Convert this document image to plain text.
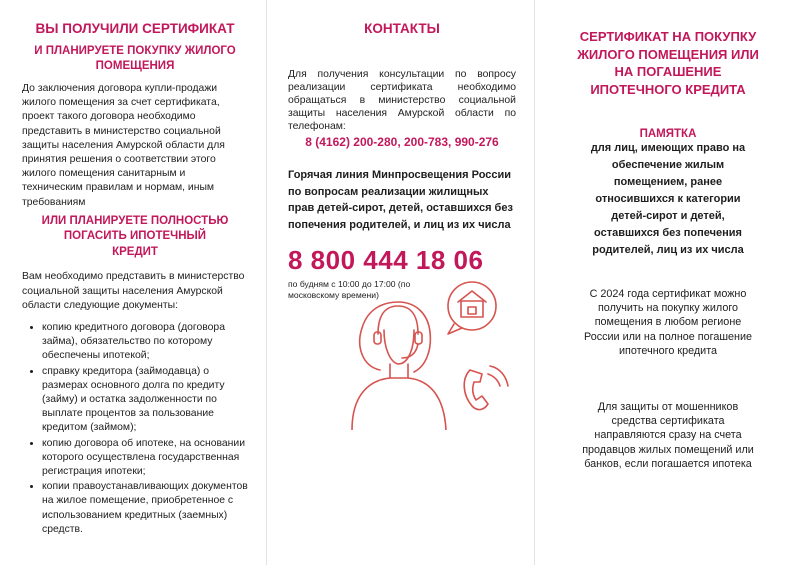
ВЫ ПОЛУЧИЛИ СЕРТИФИКАТ
И ПЛАНИРУЕТЕ ПОКУПКУ ЖИЛОГО ПОМЕЩЕНИЯ

До заключения договора купли-продажи жилого помещения за счет сертификата, проект такого договора необходимо представить в министерство социальной защиты населения Амурской области для принятия решения о соответствии этого жилого помещения санитарным и техническим правилам и нормам, иным требованиям

ИЛИ ПЛАНИРУЕТЕ ПОЛНОСТЬЮ ПОГАСИТЬ ИПОТЕЧНЫЙ КРЕДИТ

Вам необходимо представить в министерство социальной защиты населения Амурской области следующие документы:

• копию кредитного договора (договора займа), обязательство по которому обеспечены ипотекой;
• справку кредитора (займодавца) о размерах основного долга по кредиту (займу) и остатка задолженности по выплате процентов за пользование кредитом (займом);
• копию договора об ипотеке, на основании которого осуществлена государственная регистрация ипотеки;
• копии правоустанавливающих документов на жилое помещение, приобретенное с использованием кредитных (заемных) средств.
КОНТАКТЫ

Для получения консультации по вопросу реализации сертификата необходимо обращаться в министерство социальной защиты населения Амурской области по телефонам:

8 (4162) 200-280, 200-783, 990-276

Горячая линия Минпросвещения России по вопросам реализации жилищных прав детей-сирот, детей, оставшихся без попечения родителей, и лиц из их числа

8 800 444 18 06
по будням с 10:00 до 17:00 (по московскому времени)
СЕРТИФИКАТ НА ПОКУПКУ ЖИЛОГО ПОМЕЩЕНИЯ ИЛИ НА ПОГАШЕНИЕ ИПОТЕЧНОГО КРЕДИТА
ПАМЯТКА
для лиц, имеющих право на обеспечение жилым помещением, ранее относившихся к категории детей-сирот и детей, оставшихся без попечения родителей, лиц из их числа
С 2024 года сертификат можно получить на покупку жилого помещения в любом регионе России или на полное погашение ипотечного кредита
Для защиты от мошенников средства сертификата направляются сразу на счета продавцов жилых помещений или банков, если погашается ипотека
